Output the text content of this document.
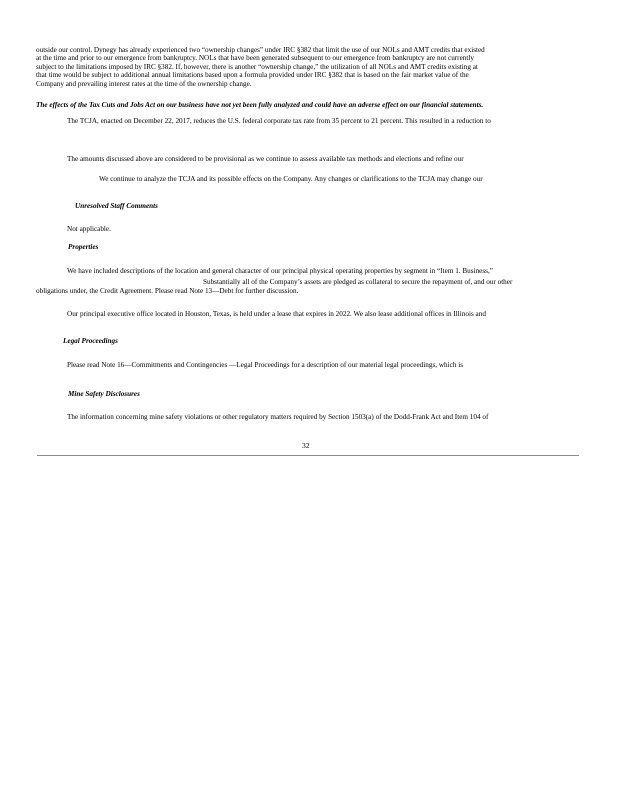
outside our control. Dynegy has already experienced two “ownership changes” under IRC §382 that limit the use of our NOLs and AMT credits that existed
at the time and prior to our emergence from bankruptcy. NOLs that have been generated subsequent to our emergence from bankruptcy are not currently
subject to the limitations imposed by IRC §382. If, however, there is another “ownership change,” the utilization of all NOLs and AMT credits existing at
that time would be subject to additional annual limitations based upon a formula provided under IRC §382 that is based on the fair market value of the
Company and prevailing interest rates at the time of the ownership change.
The effects of the Tax Cuts and Jobs Act on our business have not yet been fully analyzed and could have an adverse effect on our financial statements.
The TCJA, enacted on December 22, 2017, reduces the U.S. federal corporate tax rate from 35 percent to 21 percent. This resulted in a reduction to
The amounts discussed above are considered to be provisional as we continue to assess available tax methods and elections and refine our
We continue to analyze the TCJA and its possible effects on the Company. Any changes or clarifications to the TCJA may change our
Unresolved Staff Comments
Not applicable.
Properties
We have included descriptions of the location and general character of our principal physical operating properties by segment in “Item 1. Business,”
Substantially all of the Company’s assets are pledged as collateral to secure the repayment of, and our other
obligations under, the Credit Agreement. Please read Note 13—Debt for further discussion.
Our principal executive office located in Houston, Texas, is held under a lease that expires in 2022. We also lease additional offices in Illinois and
Legal Proceedings
Please read Note 16—Commitments and Contingencies —Legal Proceedings for a description of our material legal proceedings, which is
Mine Safety Disclosures
The information concerning mine safety violations or other regulatory matters required by Section 1503(a) of the Dodd-Frank Act and Item 104 of
32
